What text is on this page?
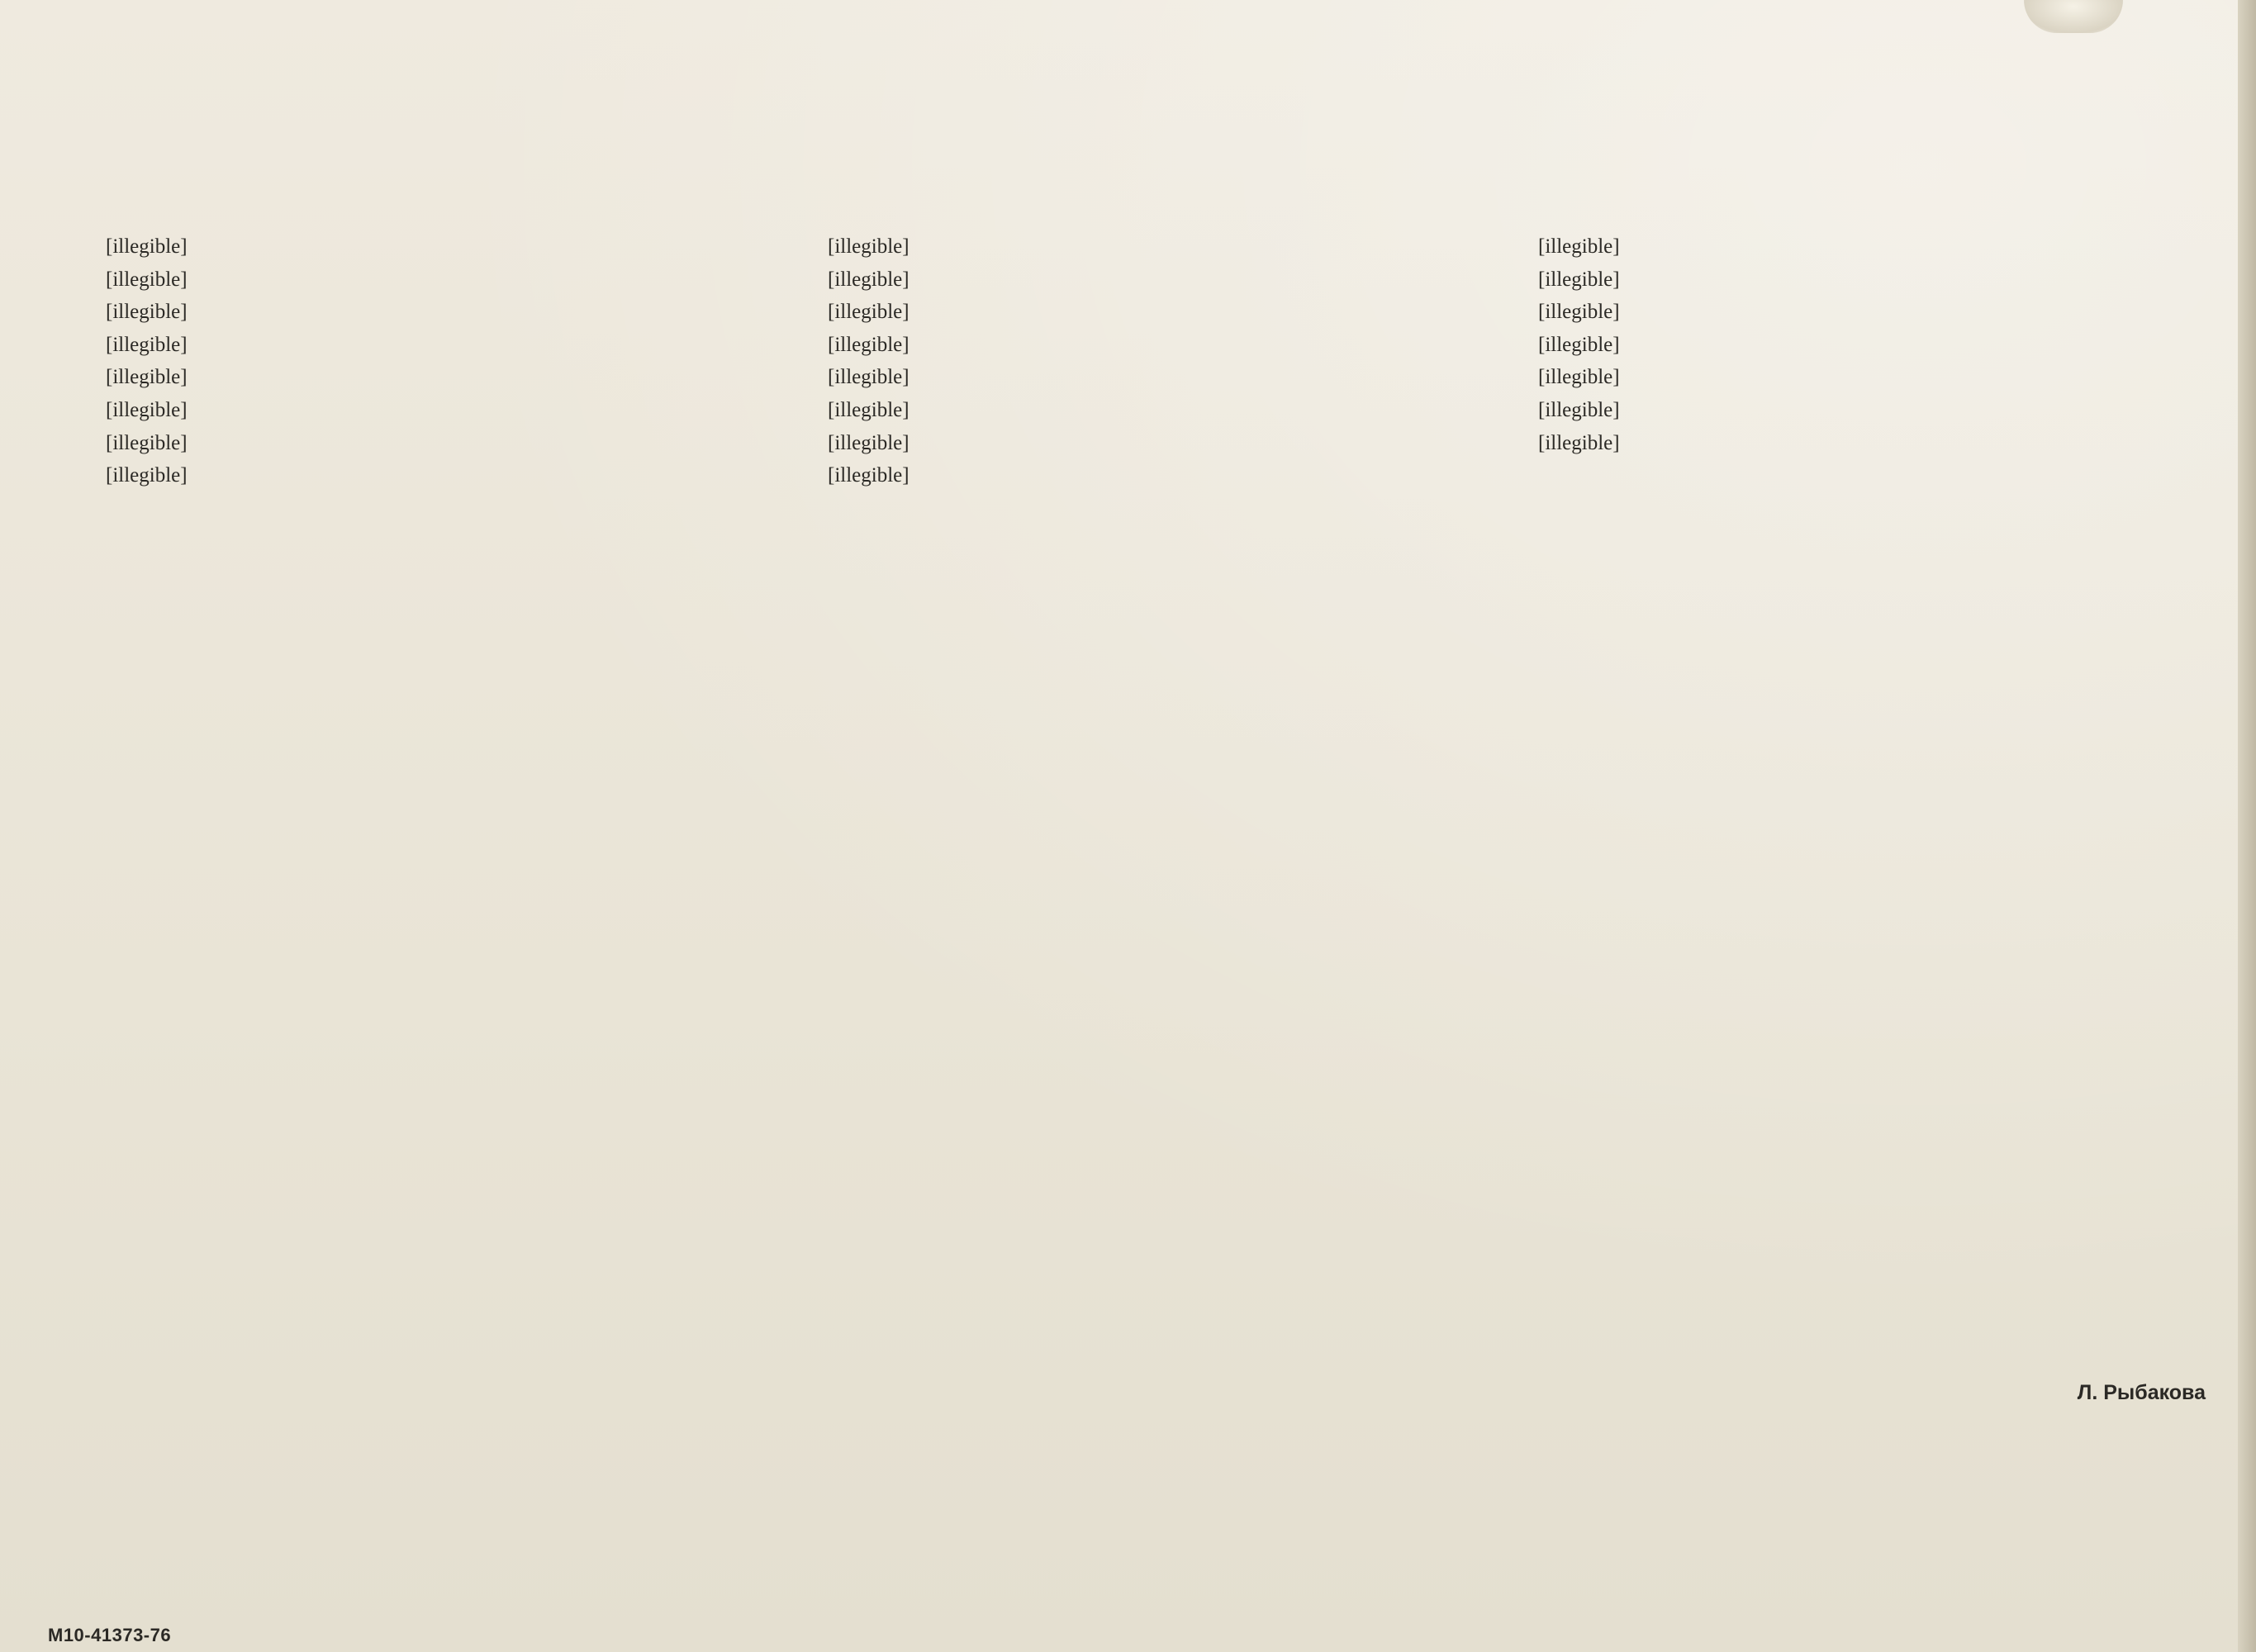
[illegible]

[illegible]

[illegible]

[illegible]

[illegible]

[illegible]

[illegible]

[illegible]

[illegible]

[illegible]

[illegible]

[illegible]

[illegible]

[illegible]

[illegible]

[illegible]

[illegible]

[illegible]

[illegible]

[illegible]

[illegible]

[illegible]

[illegible]

Л. Рыбакова
М10-41373-76
